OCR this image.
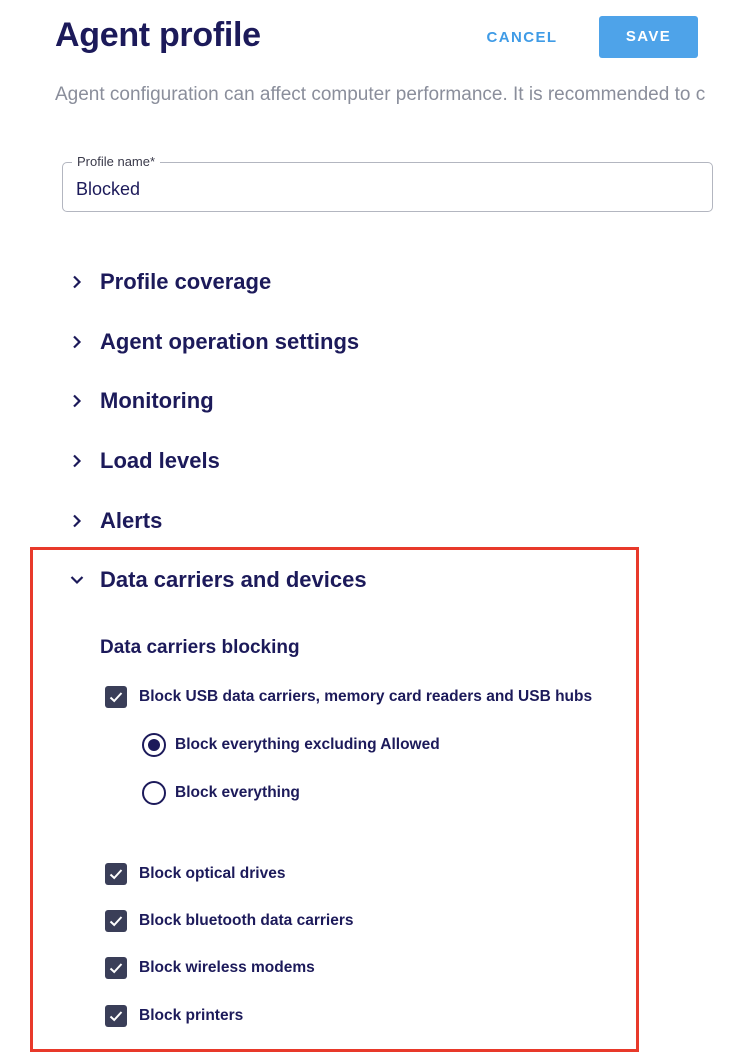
Agent profile	CANCEL	SAVE
Agent configuration can affect computer performance. It is recommended to c
Profile name*
Blocked
Profile coverage
Agent operation settings
Monitoring
Load levels
Alerts
Data carriers and devices
Data carriers blocking
Block USB data carriers, memory card readers and USB hubs
Block everything excluding Allowed
Block everything
Block optical drives
Block bluetooth data carriers
Block wireless modems
Block printers
